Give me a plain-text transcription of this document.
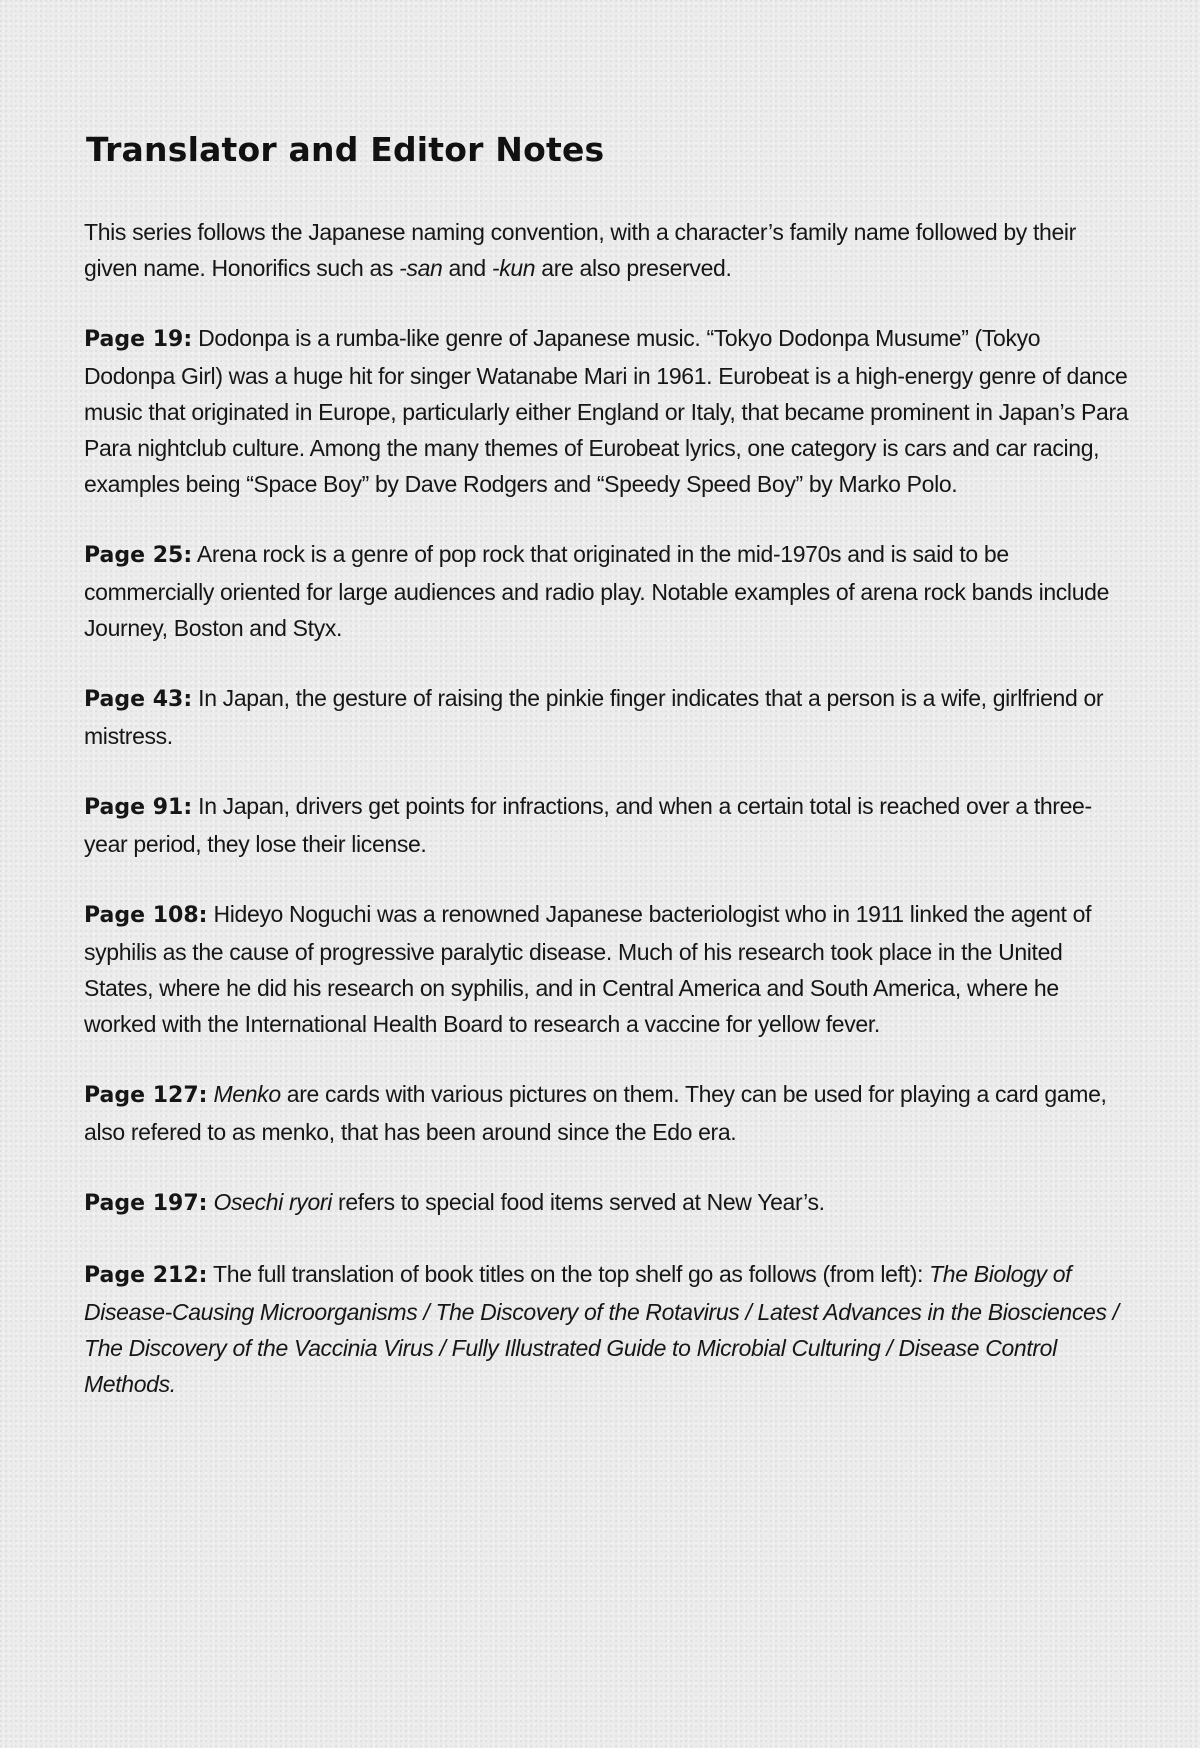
Translator and Editor Notes

This series follows the Japanese naming convention, with a character’s family name followed by their given name. Honorifics such as -san and -kun are also preserved.

Page 19: Dodonpa is a rumba-like genre of Japanese music. “Tokyo Dodonpa Musume” (Tokyo Dodonpa Girl) was a huge hit for singer Watanabe Mari in 1961. Eurobeat is a high-energy genre of dance music that originated in Europe, particularly either England or Italy, that became prominent in Japan’s Para Para nightclub culture. Among the many themes of Eurobeat lyrics, one category is cars and car racing, examples being “Space Boy” by Dave Rodgers and “Speedy Speed Boy” by Marko Polo.

Page 25: Arena rock is a genre of pop rock that originated in the mid-1970s and is said to be commercially oriented for large audiences and radio play. Notable examples of arena rock bands include Journey, Boston and Styx.

Page 43: In Japan, the gesture of raising the pinkie finger indicates that a person is a wife, girlfriend or mistress.

Page 91: In Japan, drivers get points for infractions, and when a certain total is reached over a three-year period, they lose their license.

Page 108: Hideyo Noguchi was a renowned Japanese bacteriologist who in 1911 linked the agent of syphilis as the cause of progressive paralytic disease. Much of his research took place in the United States, where he did his research on syphilis, and in Central America and South America, where he worked with the International Health Board to research a vaccine for yellow fever.

Page 127: Menko are cards with various pictures on them. They can be used for playing a card game, also refered to as menko, that has been around since the Edo era.

Page 197: Osechi ryori refers to special food items served at New Year’s.

Page 212: The full translation of book titles on the top shelf go as follows (from left): The Biology of Disease-Causing Microorganisms / The Discovery of the Rotavirus / Latest Advances in the Biosciences / The Discovery of the Vaccinia Virus / Fully Illustrated Guide to Microbial Culturing / Disease Control Methods.
